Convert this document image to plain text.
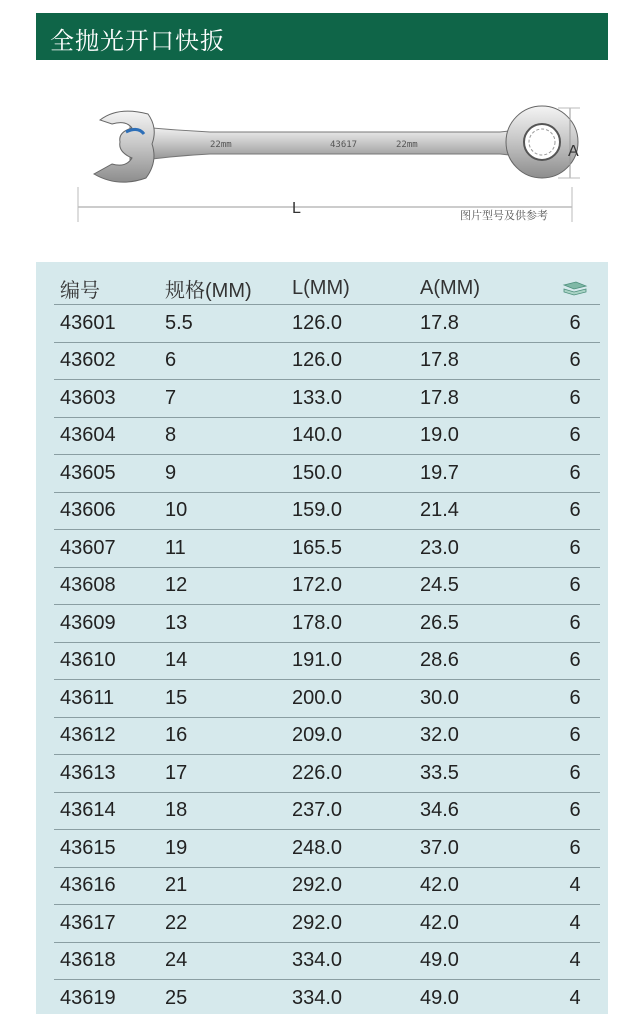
全抛光开口快扳
22mm	43617	22mm
L
A
图片型号及供参考
编号	规格(MM)	L(MM)	A(MM)	
43601	5.5	126.0	17.8	6
43602	6	126.0	17.8	6
43603	7	133.0	17.8	6
43604	8	140.0	19.0	6
43605	9	150.0	19.7	6
43606	10	159.0	21.4	6
43607	11	165.5	23.0	6
43608	12	172.0	24.5	6
43609	13	178.0	26.5	6
43610	14	191.0	28.6	6
43611	15	200.0	30.0	6
43612	16	209.0	32.0	6
43613	17	226.0	33.5	6
43614	18	237.0	34.6	6
43615	19	248.0	37.0	6
43616	21	292.0	42.0	4
43617	22	292.0	42.0	4
43618	24	334.0	49.0	4
43619	25	334.0	49.0	4
